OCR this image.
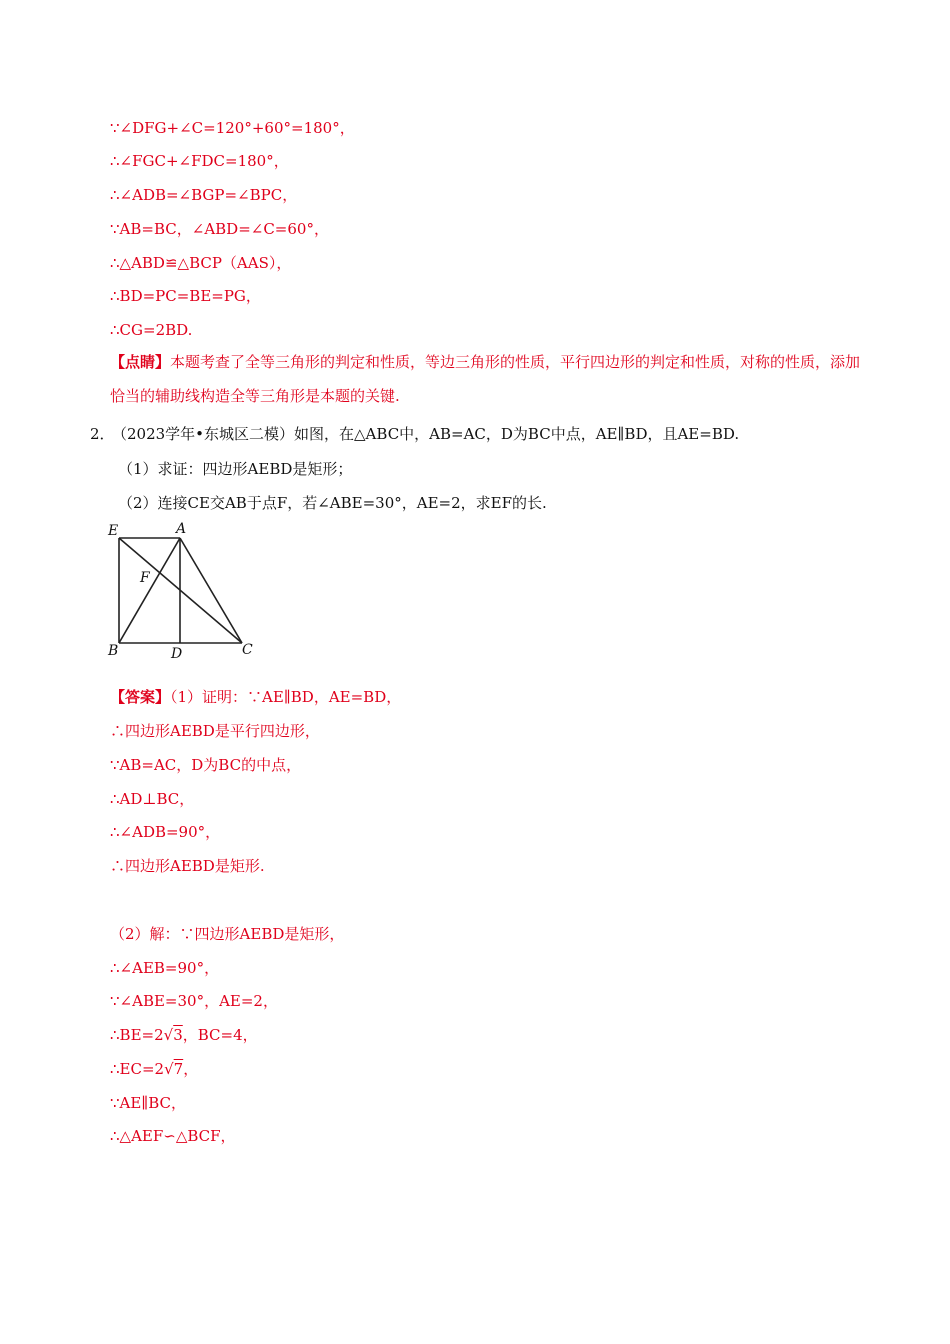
∵∠DFG+∠C=120°+60°=180°，
∴∠FGC+∠FDC=180°，
∴∠ADB=∠BGP=∠BPC，
∵AB=BC，∠ABD=∠C=60°，
∴△ABD≌△BCP（AAS），
∴BD=PC=BE=PG，
∴CG=2BD.
【点睛】本题考查了全等三角形的判定和性质，等边三角形的性质，平行四边形的判定和性质，对称的性质，添加恰当的辅助线构造全等三角形是本题的关键.
2．
（2023学年•东城区二模）如图，在△ABC中，AB=AC，D为BC中点，AE∥BD，且AE=BD.
（1）求证：四边形AEBD是矩形；
（2）连接CE交AB于点F，若∠ABE=30°，AE=2，求EF的长.
E	A
F
B	D	C
【答案】（1）证明：∵AE∥BD，AE=BD，
∴四边形AEBD是平行四边形，
∵AB=AC，D为BC的中点，
∴AD⊥BC，
∴∠ADB=90°，
∴四边形AEBD是矩形.
（2）解：∵四边形AEBD是矩形，
∴∠AEB=90°，
∵∠ABE=30°，AE=2，
∴BE=2√3，BC=4，
∴EC=2√7，
∵AE∥BC，
∴△AEF∽△BCF，
